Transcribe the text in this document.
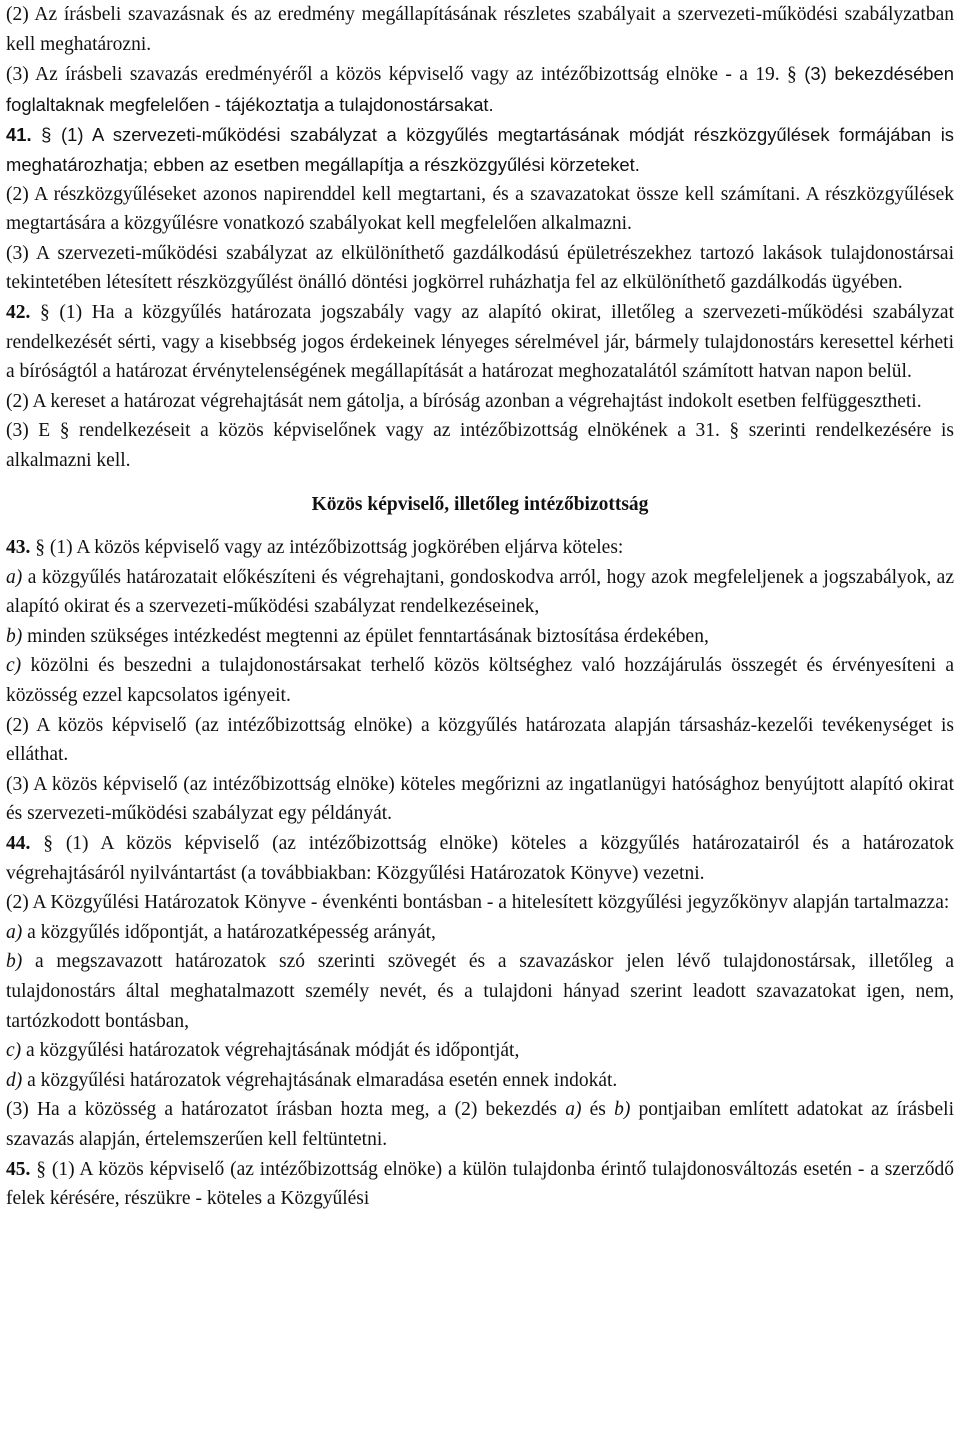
(2) Az írásbeli szavazásnak és az eredmény megállapításának részletes szabályait a szervezeti-működési szabályzatban kell meghatározni.

(3) Az írásbeli szavazás eredményéről a közös képviselő vagy az intézőbizottság elnöke - a 19. § (3) bekezdésében foglaltaknak megfelelően - tájékoztatja a tulajdonostársakat.

41. § (1) A szervezeti-működési szabályzat a közgyűlés megtartásának módját részközgyűlések formájában is meghatározhatja; ebben az esetben megállapítja a részközgyűlési körzeteket.

(2) A részközgyűléseket azonos napirenddel kell megtartani, és a szavazatokat össze kell számítani. A részközgyűlések megtartására a közgyűlésre vonatkozó szabályokat kell megfelelően alkalmazni.

(3) A szervezeti-működési szabályzat az elkülöníthető gazdálkodású épületrészekhez tartozó lakások tulajdonostársai tekintetében létesített részközgyűlést önálló döntési jogkörrel ruházhatja fel az elkülöníthető gazdálkodás ügyében.

42. § (1) Ha a közgyűlés határozata jogszabály vagy az alapító okirat, illetőleg a szervezeti-működési szabályzat rendelkezését sérti, vagy a kisebbség jogos érdekeinek lényeges sérelmével jár, bármely tulajdonostárs keresettel kérheti a bíróságtól a határozat érvénytelenségének megállapítását a határozat meghozatalától számított hatvan napon belül.

(2) A kereset a határozat végrehajtását nem gátolja, a bíróság azonban a végrehajtást indokolt esetben felfüggesztheti.

(3) E § rendelkezéseit a közös képviselőnek vagy az intézőbizottság elnökének a 31. § szerinti rendelkezésére is alkalmazni kell.

Közös képviselő, illetőleg intézőbizottság

43. § (1) A közös képviselő vagy az intézőbizottság jogkörében eljárva köteles:

a) a közgyűlés határozatait előkészíteni és végrehajtani, gondoskodva arról, hogy azok megfeleljenek a jogszabályok, az alapító okirat és a szervezeti-működési szabályzat rendelkezéseinek,

b) minden szükséges intézkedést megtenni az épület fenntartásának biztosítása érdekében,

c) közölni és beszedni a tulajdonostársakat terhelő közös költséghez való hozzájárulás összegét és érvényesíteni a közösség ezzel kapcsolatos igényeit.

(2) A közös képviselő (az intézőbizottság elnöke) a közgyűlés határozata alapján társasház-kezelői tevékenységet is elláthat.

(3) A közös képviselő (az intézőbizottság elnöke) köteles megőrizni az ingatlanügyi hatósághoz benyújtott alapító okirat és szervezeti-működési szabályzat egy példányát.

44. § (1) A közös képviselő (az intézőbizottság elnöke) köteles a közgyűlés határozatairól és a határozatok végrehajtásáról nyilvántartást (a továbbiakban: Közgyűlési Határozatok Könyve) vezetni.

(2) A Közgyűlési Határozatok Könyve - évenkénti bontásban - a hitelesített közgyűlési jegyzőkönyv alapján tartalmazza:

a) a közgyűlés időpontját, a határozatképesség arányát,

b) a megszavazott határozatok szó szerinti szövegét és a szavazáskor jelen lévő tulajdonostársak, illetőleg a tulajdonostárs által meghatalmazott személy nevét, és a tulajdoni hányad szerint leadott szavazatokat igen, nem, tartózkodott bontásban,

c) a közgyűlési határozatok végrehajtásának módját és időpontját,

d) a közgyűlési határozatok végrehajtásának elmaradása esetén ennek indokát.

(3) Ha a közösség a határozatot írásban hozta meg, a (2) bekezdés a) és b) pontjaiban említett adatokat az írásbeli szavazás alapján, értelemszerűen kell feltüntetni.

45. § (1) A közös képviselő (az intézőbizottság elnöke) a külön tulajdonba érintő tulajdonosváltozás esetén - a szerződő felek kérésére, részükre - köteles a Közgyűlési
